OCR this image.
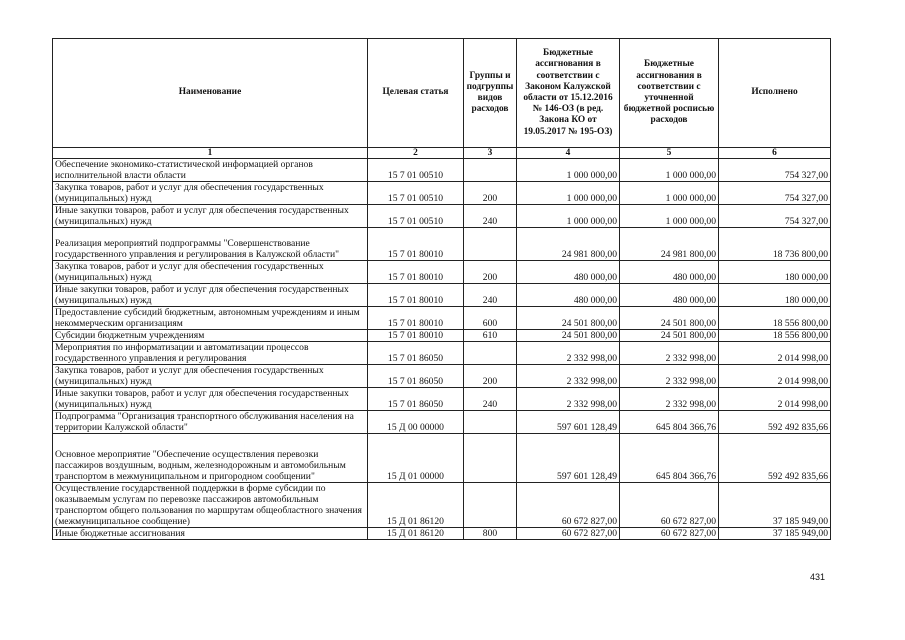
Наименование	Целевая статья	Группы и подгруппы видов расходов	Бюджетные ассигнования в соответствии с Законом Калужской области от 15.12.2016 № 146-ОЗ (в ред. Закона КО от 19.05.2017 № 195-ОЗ)	Бюджетные ассигнования в соответствии с уточненной бюджетной росписью расходов	Исполнено
1	2	3	4	5	6
Обеспечение экономико-статистической информацией органов исполнительной власти области	15 7 01 00510		1 000 000,00	1 000 000,00	754 327,00
Закупка товаров, работ и услуг для обеспечения государственных (муниципальных) нужд	15 7 01 00510	200	1 000 000,00	1 000 000,00	754 327,00
Иные закупки товаров, работ и услуг для обеспечения государственных (муниципальных) нужд	15 7 01 00510	240	1 000 000,00	1 000 000,00	754 327,00
Реализация мероприятий подпрограммы "Совершенствование государственного управления и регулирования в Калужской области"	15 7 01 80010		24 981 800,00	24 981 800,00	18 736 800,00
Закупка товаров, работ и услуг для обеспечения государственных (муниципальных) нужд	15 7 01 80010	200	480 000,00	480 000,00	180 000,00
Иные закупки товаров, работ и услуг для обеспечения государственных (муниципальных) нужд	15 7 01 80010	240	480 000,00	480 000,00	180 000,00
Предоставление субсидий бюджетным, автономным учреждениям и иным некоммерческим организациям	15 7 01 80010	600	24 501 800,00	24 501 800,00	18 556 800,00
Субсидии бюджетным учреждениям	15 7 01 80010	610	24 501 800,00	24 501 800,00	18 556 800,00
Мероприятия по информатизации и автоматизации процессов государственного управления и регулирования	15 7 01 86050		2 332 998,00	2 332 998,00	2 014 998,00
Закупка товаров, работ и услуг для обеспечения государственных (муниципальных) нужд	15 7 01 86050	200	2 332 998,00	2 332 998,00	2 014 998,00
Иные закупки товаров, работ и услуг для обеспечения государственных (муниципальных) нужд	15 7 01 86050	240	2 332 998,00	2 332 998,00	2 014 998,00
Подпрограмма "Организация транспортного обслуживания населения на территории Калужской области"	15 Д 00 00000		597 601 128,49	645 804 366,76	592 492 835,66
Основное мероприятие "Обеспечение осуществления перевозки пассажиров воздушным, водным, железнодорожным и автомобильным транспортом в межмуниципальном и пригородном сообщении"	15 Д 01 00000		597 601 128,49	645 804 366,76	592 492 835,66
Осуществление государственной поддержки в форме субсидии по оказываемым услугам по перевозке пассажиров автомобильным транспортом общего пользования по маршрутам общеобластного значения (межмуниципальное сообщение)	15 Д 01 86120		60 672 827,00	60 672 827,00	37 185 949,00
Иные бюджетные ассигнования	15 Д 01 86120	800	60 672 827,00	60 672 827,00	37 185 949,00
431
